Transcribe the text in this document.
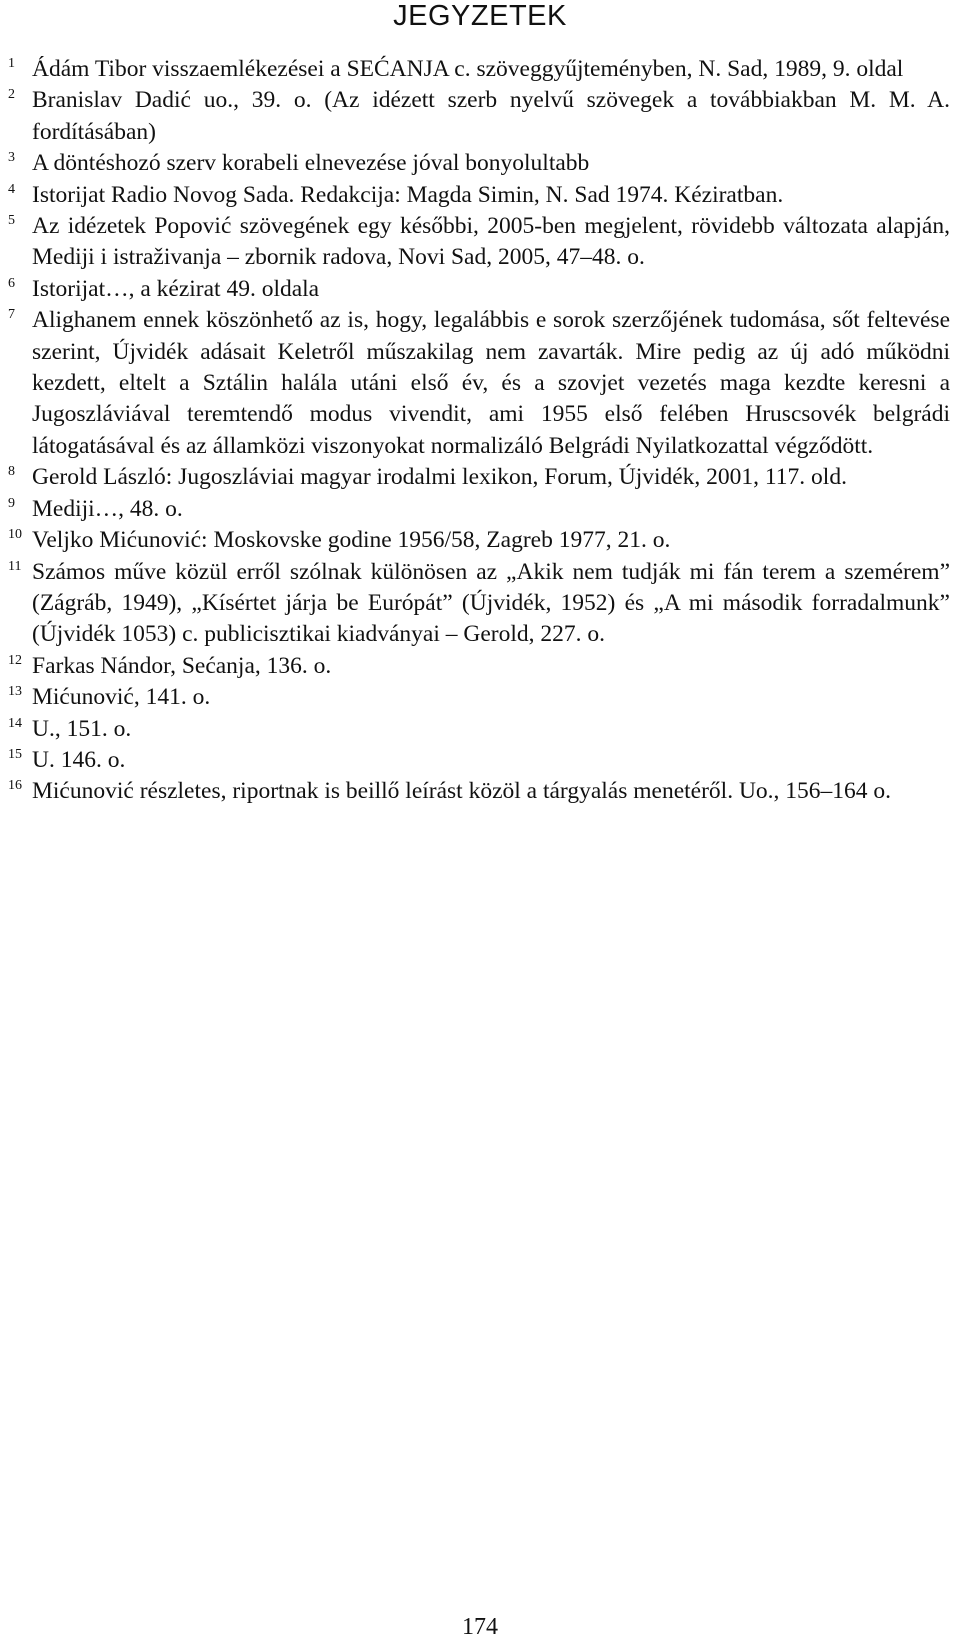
JEGYZETEK
1 Ádám Tibor visszaemlékezései a SEĆANJA c. szöveggyűjteményben, N. Sad, 1989, 9. oldal
2 Branislav Dadić uo., 39. o. (Az idézett szerb nyelvű szövegek a továbbiakban M. M. A. fordításában)
3 A döntéshozó szerv korabeli elnevezése jóval bonyolultabb
4 Istorijat Radio Novog Sada. Redakcija: Magda Simin, N. Sad 1974. Kéziratban.
5 Az idézetek Popović szövegének egy későbbi, 2005-ben megjelent, rövidebb változata alapján, Mediji i istraživanja – zbornik radova, Novi Sad, 2005, 47–48. o.
6 Istorijat…, a kézirat 49. oldala
7 Alighanem ennek köszönhető az is, hogy, legalábbis e sorok szerzőjének tudomása, sőt feltevése szerint, Újvidék adásait Keletről műszakilag nem zavarták. Mire pedig az új adó működni kezdett, eltelt a Sztálin halála utáni első év, és a szovjet vezetés maga kezdte keresni a Jugoszláviával teremtendő modus vivendit, ami 1955 első felében Hruscsovék belgrádi látogatásával és az államközi viszonyokat normalizáló Belgrádi Nyilatkozattal végződött.
8 Gerold László: Jugoszláviai magyar irodalmi lexikon, Forum, Újvidék, 2001, 117. old.
9 Mediji…, 48. o.
10 Veljko Mićunović: Moskovske godine 1956/58, Zagreb 1977, 21. o.
11 Számos műve közül erről szólnak különösen az „Akik nem tudják mi fán terem a szemérem” (Zágráb, 1949), „Kísértet járja be Európát” (Újvidék, 1952) és „A mi második forradalmunk” (Újvidék 1053) c. publicisztikai kiadványai – Gerold, 227. o.
12 Farkas Nándor, Sećanja, 136. o.
13 Mićunović, 141. o.
14 U., 151. o.
15 U. 146. o.
16 Mićunović részletes, riportnak is beillő leírást közöl a tárgyalás menetéről. Uo., 156–164 o.
174
